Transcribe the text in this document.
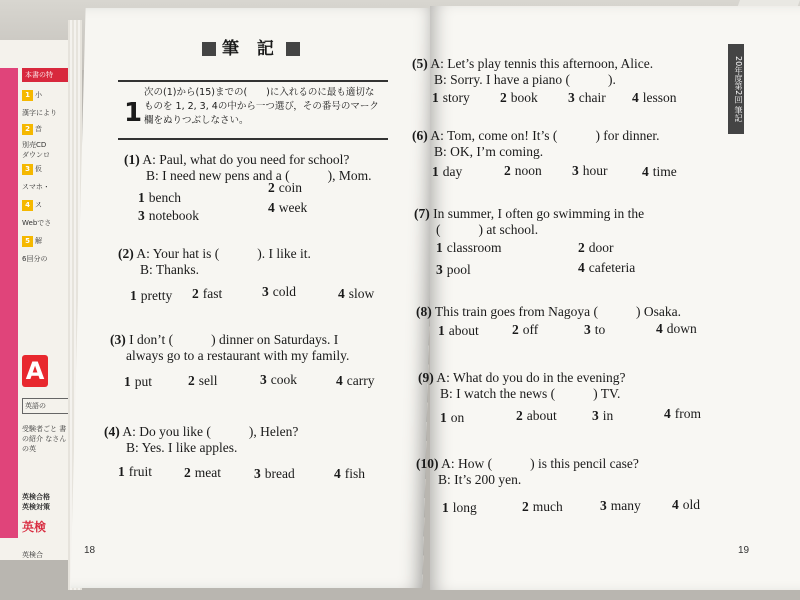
本書の特
1 小
漢字により
2 音
別売CD
ダウンロ
3 仮
スマホ・
4 ス
Webでさ
5 解
6回分の
A
英語の
受験者ごと 書の紹介 なさんの英
英検合格
英検対策
英検
英検合
筆 記
1
次の(1)から(15)までの(　　)に入れるのに最も適切なものを 1, 2, 3, 4の中から一つ選び，その番号のマーク欄をぬりつぶしなさい。
(1) A: Paul, what do you need for school?
B: I need new pens and a (	), Mom.
1 bench
2 coin
3 notebook
4 week
(2) A: Your hat is (	). I like it.
B: Thanks.
1 pretty 2 fast	3 cold	4 slow
(3) I don’t (	) dinner on Saturdays. I
always go to a restaurant with my family.
1 put	2 sell	3 cook	4 carry
(4) A: Do you like (	), Helen?
B: Yes. I like apples.
1 fruit 2 meat 3 bread	4 fish
18
20年度第2回 筆記
(5) A: Let’s play tennis this afternoon, Alice.
B: Sorry. I have a piano (	).
1 story 2 book 3 chair 4 lesson
(6) A: Tom, come on! It’s (	) for dinner.
B: OK, I’m coming.
1 day	2 noon 3 hour	4 time
(7) In summer, I often go swimming in the
(	) at school.
1 classroom	2 door
3 pool	4 cafeteria
(8) This train goes from Nagoya (	) Osaka.
1 about 2 off	3 to	4 down
(9) A: What do you do in the evening?
B: I watch the news (	) TV.
1 on	2 about	3 in	4 from
(10) A: How (	) is this pencil case?
B: It’s 200 yen.
1 long	2 much	3 many 4 old
19
